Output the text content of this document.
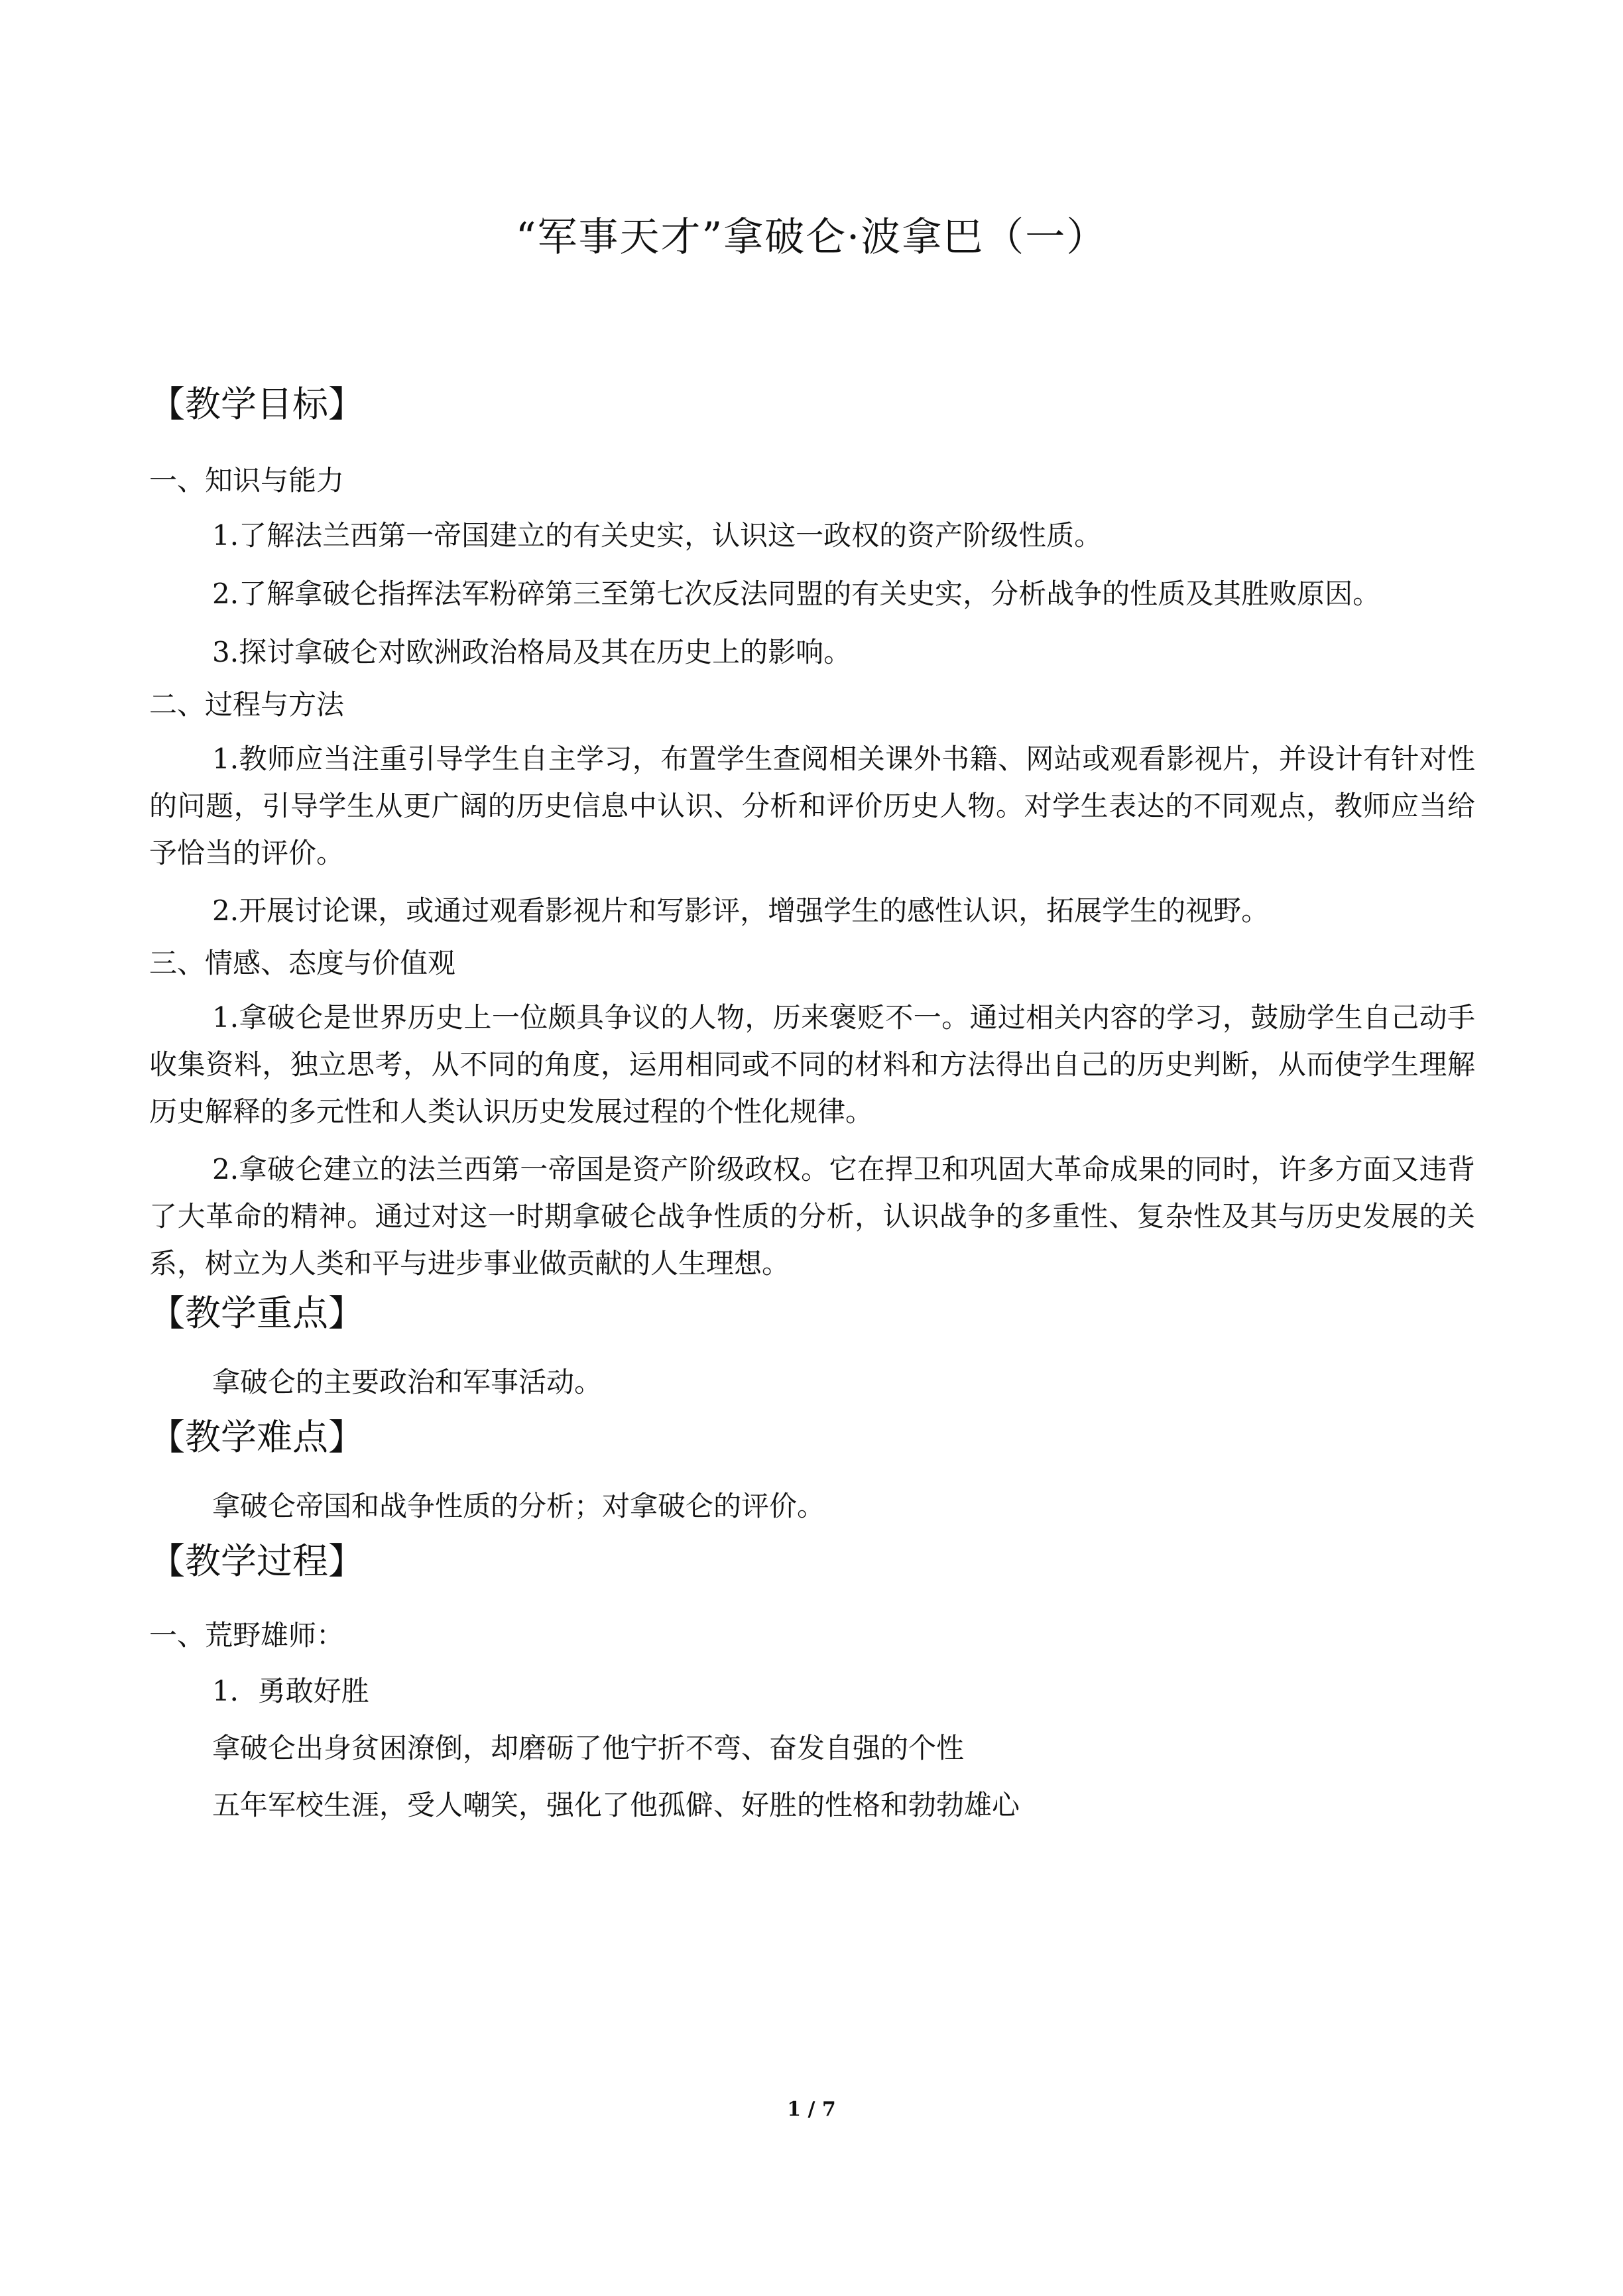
“军事天才”拿破仑·波拿巴（一）

【教学目标】

一、知识与能力

1.了解法兰西第一帝国建立的有关史实，认识这一政权的资产阶级性质。

2.了解拿破仑指挥法军粉碎第三至第七次反法同盟的有关史实，分析战争的性质及其胜败原因。

3.探讨拿破仑对欧洲政治格局及其在历史上的影响。

二、过程与方法

1.教师应当注重引导学生自主学习，布置学生查阅相关课外书籍、网站或观看影视片，并设计有针对性的问题，引导学生从更广阔的历史信息中认识、分析和评价历史人物。对学生表达的不同观点，教师应当给予恰当的评价。

2.开展讨论课，或通过观看影视片和写影评，增强学生的感性认识，拓展学生的视野。

三、情感、态度与价值观

1.拿破仑是世界历史上一位颇具争议的人物，历来褒贬不一。通过相关内容的学习，鼓励学生自己动手收集资料，独立思考，从不同的角度，运用相同或不同的材料和方法得出自己的历史判断，从而使学生理解历史解释的多元性和人类认识历史发展过程的个性化规律。

2.拿破仑建立的法兰西第一帝国是资产阶级政权。它在捍卫和巩固大革命成果的同时，许多方面又违背了大革命的精神。通过对这一时期拿破仑战争性质的分析，认识战争的多重性、复杂性及其与历史发展的关系，树立为人类和平与进步事业做贡献的人生理想。

【教学重点】

拿破仑的主要政治和军事活动。

【教学难点】

拿破仑帝国和战争性质的分析；对拿破仑的评价。

【教学过程】

一、荒野雄师：

1．勇敢好胜

拿破仑出身贫困潦倒，却磨砺了他宁折不弯、奋发自强的个性

五年军校生涯，受人嘲笑，强化了他孤僻、好胜的性格和勃勃雄心

1 / 7
